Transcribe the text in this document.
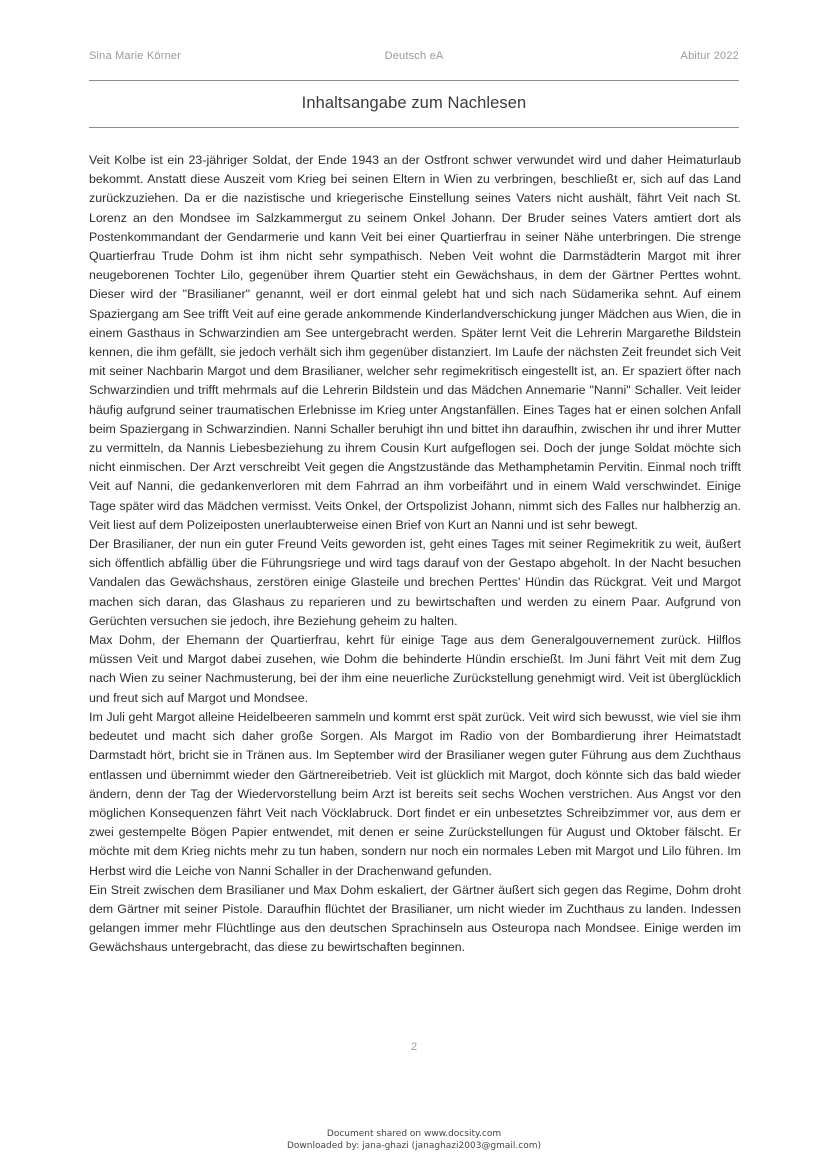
Sina Marie Körner	Deutsch eA	Abitur 2022
Inhaltsangabe zum Nachlesen

Veit Kolbe ist ein 23-jähriger Soldat, der Ende 1943 an der Ostfront schwer verwundet wird und daher Heimaturlaub bekommt. Anstatt diese Auszeit vom Krieg bei seinen Eltern in Wien zu verbringen, beschließt er, sich auf das Land zurückzuziehen. Da er die nazistische und kriegerische Einstellung seines Vaters nicht aushält, fährt Veit nach St. Lorenz an den Mondsee im Salzkammergut zu seinem Onkel Johann. Der Bruder seines Vaters amtiert dort als Postenkommandant der Gendarmerie und kann Veit bei einer Quartierfrau in seiner Nähe unterbringen. Die strenge Quartierfrau Trude Dohm ist ihm nicht sehr sympathisch. Neben Veit wohnt die Darmstädterin Margot mit ihrer neugeborenen Tochter Lilo, gegenüber ihrem Quartier steht ein Gewächshaus, in dem der Gärtner Perttes wohnt. Dieser wird der "Brasilianer" genannt, weil er dort einmal gelebt hat und sich nach Südamerika sehnt. Auf einem Spaziergang am See trifft Veit auf eine gerade ankommende Kinderlandverschickung junger Mädchen aus Wien, die in einem Gasthaus in Schwarzindien am See untergebracht werden. Später lernt Veit die Lehrerin Margarethe Bildstein kennen, die ihm gefällt, sie jedoch verhält sich ihm gegenüber distanziert. Im Laufe der nächsten Zeit freundet sich Veit mit seiner Nachbarin Margot und dem Brasilianer, welcher sehr regimekritisch eingestellt ist, an. Er spaziert öfter nach Schwarzindien und trifft mehrmals auf die Lehrerin Bildstein und das Mädchen Annemarie "Nanni" Schaller. Veit leider häufig aufgrund seiner traumatischen Erlebnisse im Krieg unter Angstanfällen. Eines Tages hat er einen solchen Anfall beim Spaziergang in Schwarzindien. Nanni Schaller beruhigt ihn und bittet ihn daraufhin, zwischen ihr und ihrer Mutter zu vermitteln, da Nannis Liebesbeziehung zu ihrem Cousin Kurt aufgeflogen sei. Doch der junge Soldat möchte sich nicht einmischen. Der Arzt verschreibt Veit gegen die Angstzustände das Methamphetamin Pervitin. Einmal noch trifft Veit auf Nanni, die gedankenverloren mit dem Fahrrad an ihm vorbeifährt und in einem Wald verschwindet. Einige Tage später wird das Mädchen vermisst. Veits Onkel, der Ortspolizist Johann, nimmt sich des Falles nur halbherzig an. Veit liest auf dem Polizeiposten unerlaubterweise einen Brief von Kurt an Nanni und ist sehr bewegt.

Der Brasilianer, der nun ein guter Freund Veits geworden ist, geht eines Tages mit seiner Regimekritik zu weit, äußert sich öffentlich abfällig über die Führungsriege und wird tags darauf von der Gestapo abgeholt. In der Nacht besuchen Vandalen das Gewächshaus, zerstören einige Glasteile und brechen Perttes' Hündin das Rückgrat. Veit und Margot machen sich daran, das Glashaus zu reparieren und zu bewirtschaften und werden zu einem Paar. Aufgrund von Gerüchten versuchen sie jedoch, ihre Beziehung geheim zu halten.

Max Dohm, der Ehemann der Quartierfrau, kehrt für einige Tage aus dem Generalgouvernement zurück. Hilflos müssen Veit und Margot dabei zusehen, wie Dohm die behinderte Hündin erschießt. Im Juni fährt Veit mit dem Zug nach Wien zu seiner Nachmusterung, bei der ihm eine neuerliche Zurückstellung genehmigt wird. Veit ist überglücklich und freut sich auf Margot und Mondsee.

Im Juli geht Margot alleine Heidelbeeren sammeln und kommt erst spät zurück. Veit wird sich bewusst, wie viel sie ihm bedeutet und macht sich daher große Sorgen. Als Margot im Radio von der Bombardierung ihrer Heimatstadt Darmstadt hört, bricht sie in Tränen aus. Im September wird der Brasilianer wegen guter Führung aus dem Zuchthaus entlassen und übernimmt wieder den Gärtnereibetrieb. Veit ist glücklich mit Margot, doch könnte sich das bald wieder ändern, denn der Tag der Wiedervorstellung beim Arzt ist bereits seit sechs Wochen verstrichen. Aus Angst vor den möglichen Konsequenzen fährt Veit nach Vöcklabruck. Dort findet er ein unbesetztes Schreibzimmer vor, aus dem er zwei gestempelte Bögen Papier entwendet, mit denen er seine Zurückstellungen für August und Oktober fälscht. Er möchte mit dem Krieg nichts mehr zu tun haben, sondern nur noch ein normales Leben mit Margot und Lilo führen. Im Herbst wird die Leiche von Nanni Schaller in der Drachenwand gefunden.

Ein Streit zwischen dem Brasilianer und Max Dohm eskaliert, der Gärtner äußert sich gegen das Regime, Dohm droht dem Gärtner mit seiner Pistole. Daraufhin flüchtet der Brasilianer, um nicht wieder im Zuchthaus zu landen. Indessen gelangen immer mehr Flüchtlinge aus den deutschen Sprachinseln aus Osteuropa nach Mondsee. Einige werden im Gewächshaus untergebracht, das diese zu bewirtschaften beginnen.

2
Document shared on www.docsity.com
Downloaded by: jana-ghazi (janaghazi2003@gmail.com)
